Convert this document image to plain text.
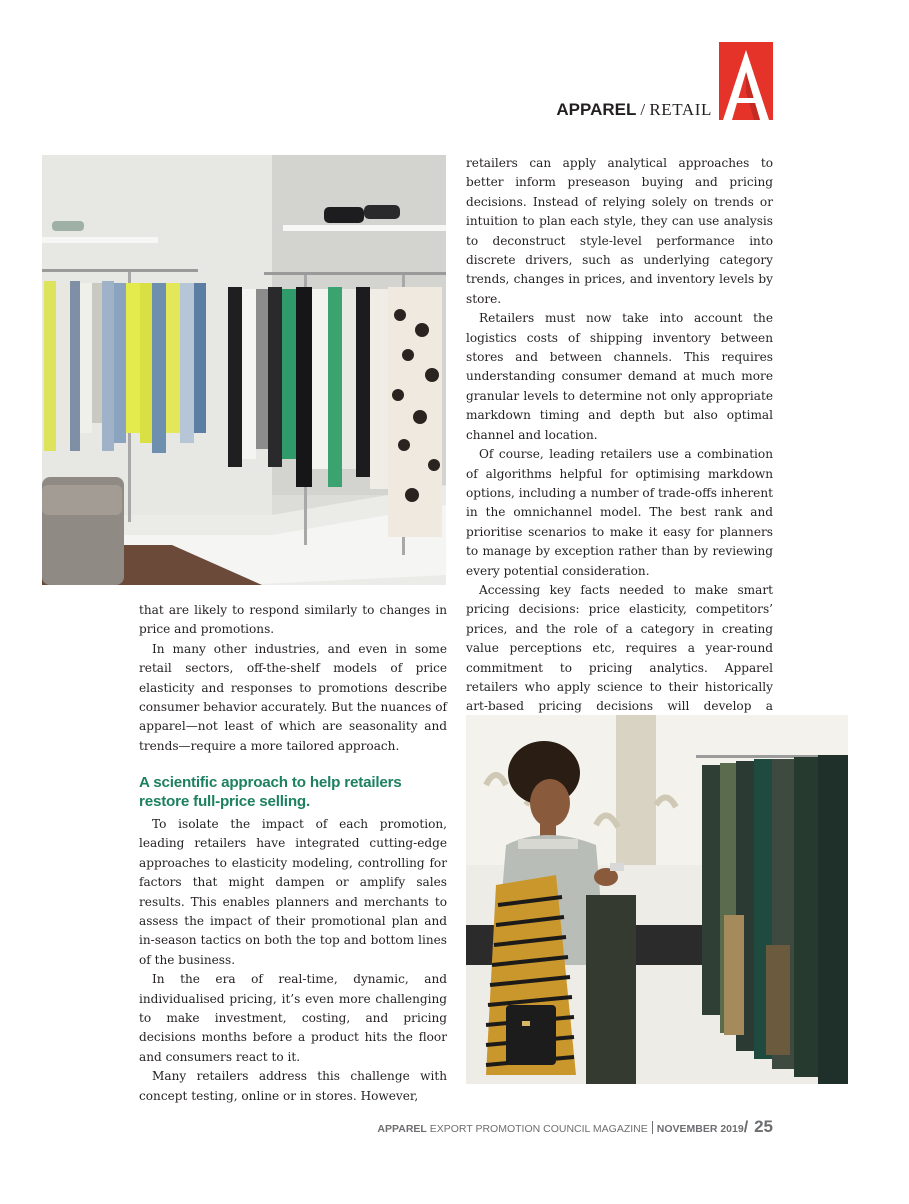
APPAREL / RETAIL

that are likely to respond similarly to changes in price and promotions.

In many other industries, and even in some retail sectors, off-the-shelf models of price elasticity and responses to promotions describe consumer behavior accurately. But the nuances of apparel—not least of which are seasonality and trends—require a more tailored approach.

A scientific approach to help retailers restore full-price selling.

To isolate the impact of each promotion, leading retailers have integrated cutting-edge approaches to elasticity modeling, controlling for factors that might dampen or amplify sales results. This enables planners and merchants to assess the impact of their promotional plan and in-season tactics on both the top and bottom lines of the business.

In the era of real-time, dynamic, and individualised pricing, it’s even more challenging to make investment, costing, and pricing decisions months before a product hits the floor and consumers react to it.

Many retailers address this challenge with concept testing, online or in stores. However,

retailers can apply analytical approaches to better inform preseason buying and pricing decisions. Instead of relying solely on trends or intuition to plan each style, they can use analysis to deconstruct style-level performance into discrete drivers, such as underlying category trends, changes in prices, and inventory levels by store.

Retailers must now take into account the logistics costs of shipping inventory between stores and between channels. This requires understanding consumer demand at much more granular levels to determine not only appropriate markdown timing and depth but also optimal channel and location.

Of course, leading retailers use a combination of algorithms helpful for optimising markdown options, including a number of trade-offs inherent in the omnichannel model. The best rank and prioritise scenarios to make it easy for planners to manage by exception rather than by reviewing every potential consideration.

Accessing key facts needed to make smart pricing decisions: price elasticity, competitors’ prices, and the role of a category in creating value perceptions etc, requires a year-round commitment to pricing analytics. Apparel retailers who apply science to their historically art-based pricing decisions will develop a

APPAREL EXPORT PROMOTION COUNCIL MAGAZINE NOVEMBER 2019/ 25
